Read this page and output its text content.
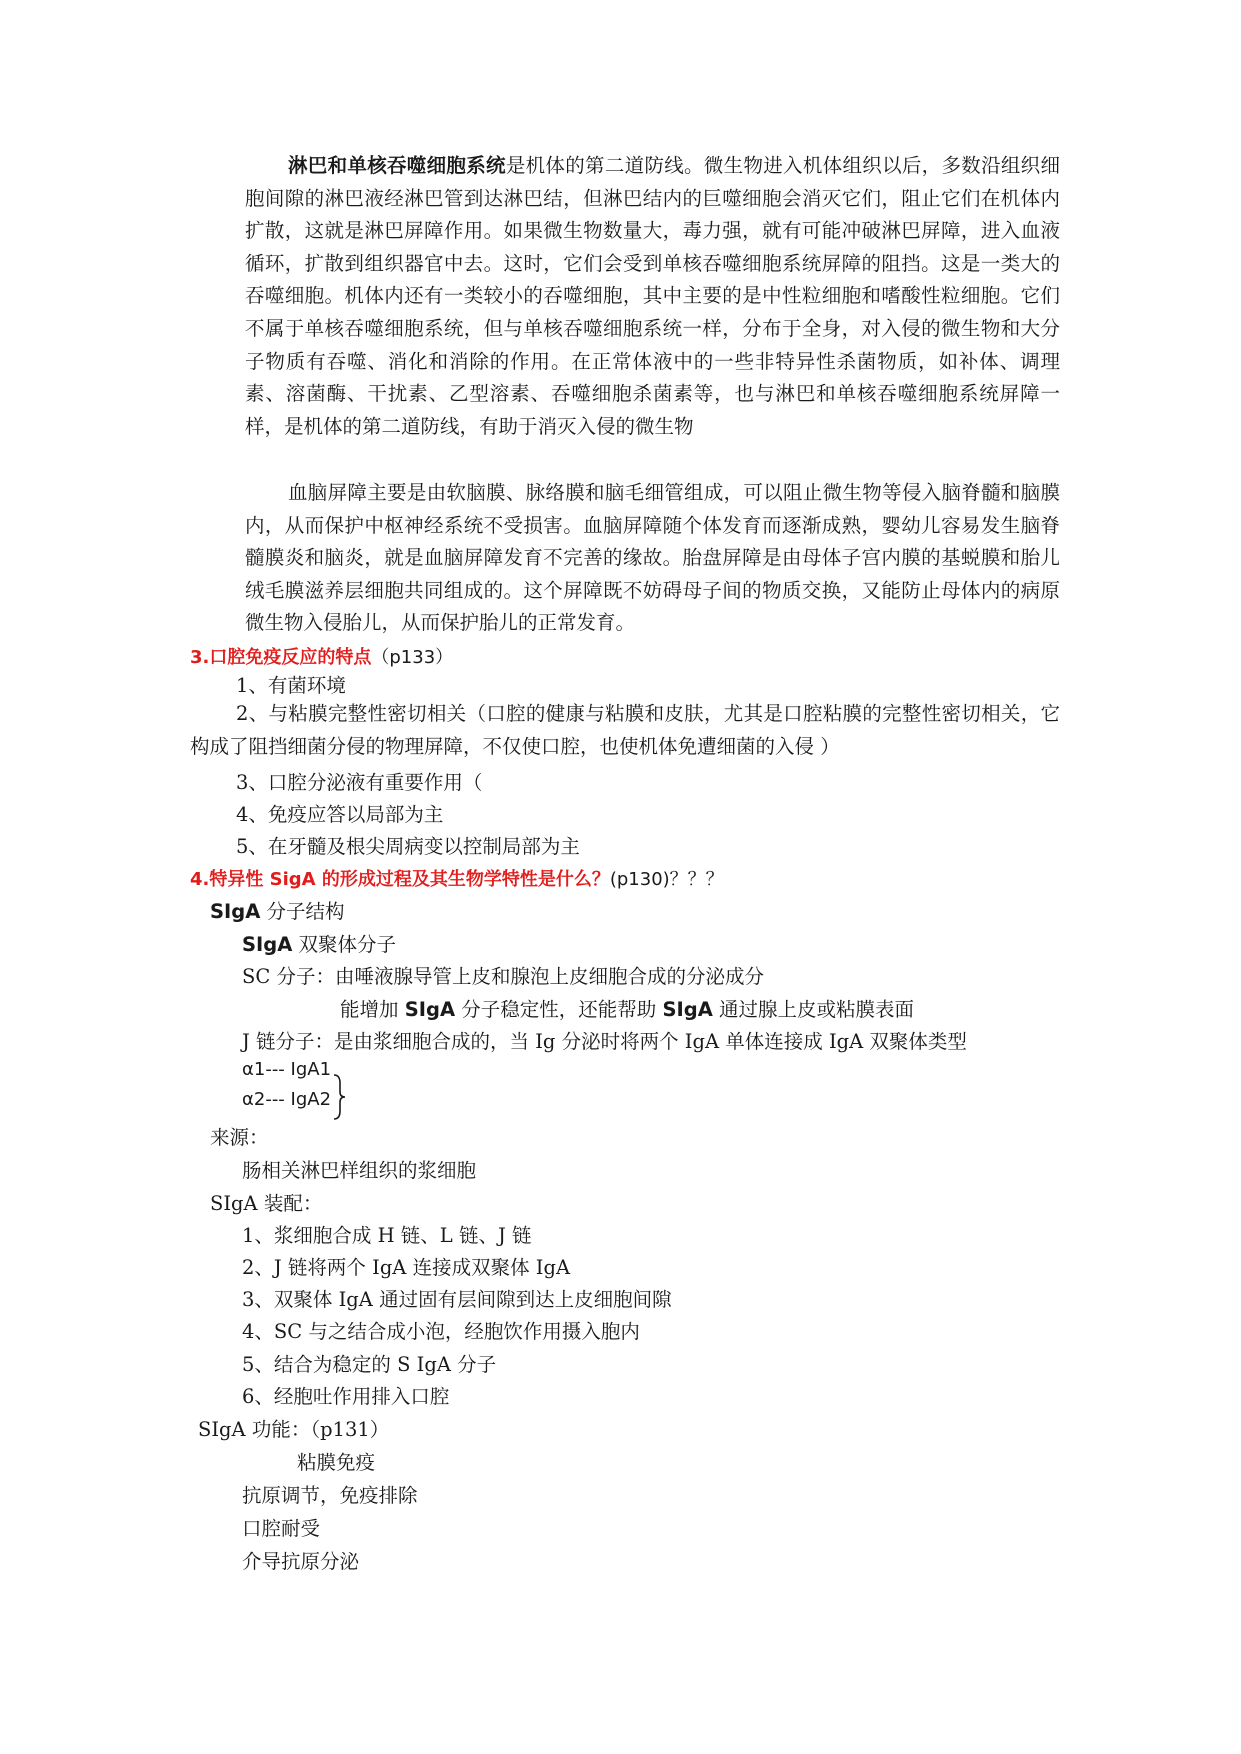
淋巴和单核吞噬细胞系统是机体的第二道防线。微生物进入机体组织以后，多数沿组织细胞间隙的淋巴液经淋巴管到达淋巴结，但淋巴结内的巨噬细胞会消灭它们，阻止它们在机体内扩散，这就是淋巴屏障作用。如果微生物数量大，毒力强，就有可能冲破淋巴屏障，进入血液循环，扩散到组织器官中去。这时，它们会受到单核吞噬细胞系统屏障的阻挡。这是一类大的吞噬细胞。机体内还有一类较小的吞噬细胞，其中主要的是中性粒细胞和嗜酸性粒细胞。它们不属于单核吞噬细胞系统，但与单核吞噬细胞系统一样，分布于全身，对入侵的微生物和大分子物质有吞噬、消化和消除的作用。在正常体液中的一些非特异性杀菌物质，如补体、调理素、溶菌酶、干扰素、乙型溶素、吞噬细胞杀菌素等，也与淋巴和单核吞噬细胞系统屏障一样，是机体的第二道防线，有助于消灭入侵的微生物

血脑屏障主要是由软脑膜、脉络膜和脑毛细管组成，可以阻止微生物等侵入脑脊髓和脑膜内，从而保护中枢神经系统不受损害。血脑屏障随个体发育而逐渐成熟，婴幼儿容易发生脑脊髓膜炎和脑炎，就是血脑屏障发育不完善的缘故。胎盘屏障是由母体子宫内膜的基蜕膜和胎儿绒毛膜滋养层细胞共同组成的。这个屏障既不妨碍母子间的物质交换，又能防止母体内的病原微生物入侵胎儿，从而保护胎儿的正常发育。

3.口腔免疫反应的特点（p133）

1、有菌环境

2、与粘膜完整性密切相关（口腔的健康与粘膜和皮肤，尤其是口腔粘膜的完整性密切相关，它构成了阻挡细菌分侵的物理屏障，不仅使口腔，也使机体免遭细菌的入侵 ）

3、口腔分泌液有重要作用（

4、免疫应答以局部为主

5、在牙髓及根尖周病变以控制局部为主

4.特异性 SigA 的形成过程及其生物学特性是什么？(p130)？？？

SIgA 分子结构

SIgA 双聚体分子

SC 分子：由唾液腺导管上皮和腺泡上皮细胞合成的分泌成分

能增加 SIgA 分子稳定性，还能帮助 SIgA 通过腺上皮或粘膜表面

J 链分子：是由浆细胞合成的，当 Ig 分泌时将两个 IgA 单体连接成 IgA 双聚体类型

α1--- IgA1

α2--- IgA2

来源：

肠相关淋巴样组织的浆细胞

SIgA 装配：

1、浆细胞合成 H 链、L 链、J 链

2、J 链将两个 IgA 连接成双聚体 IgA

3、双聚体 IgA 通过固有层间隙到达上皮细胞间隙

4、SC 与之结合成小泡，经胞饮作用摄入胞内

5、结合为稳定的 S IgA 分子

6、经胞吐作用排入口腔

SIgA 功能：（p131）

粘膜免疫

抗原调节，免疫排除

口腔耐受

介导抗原分泌
